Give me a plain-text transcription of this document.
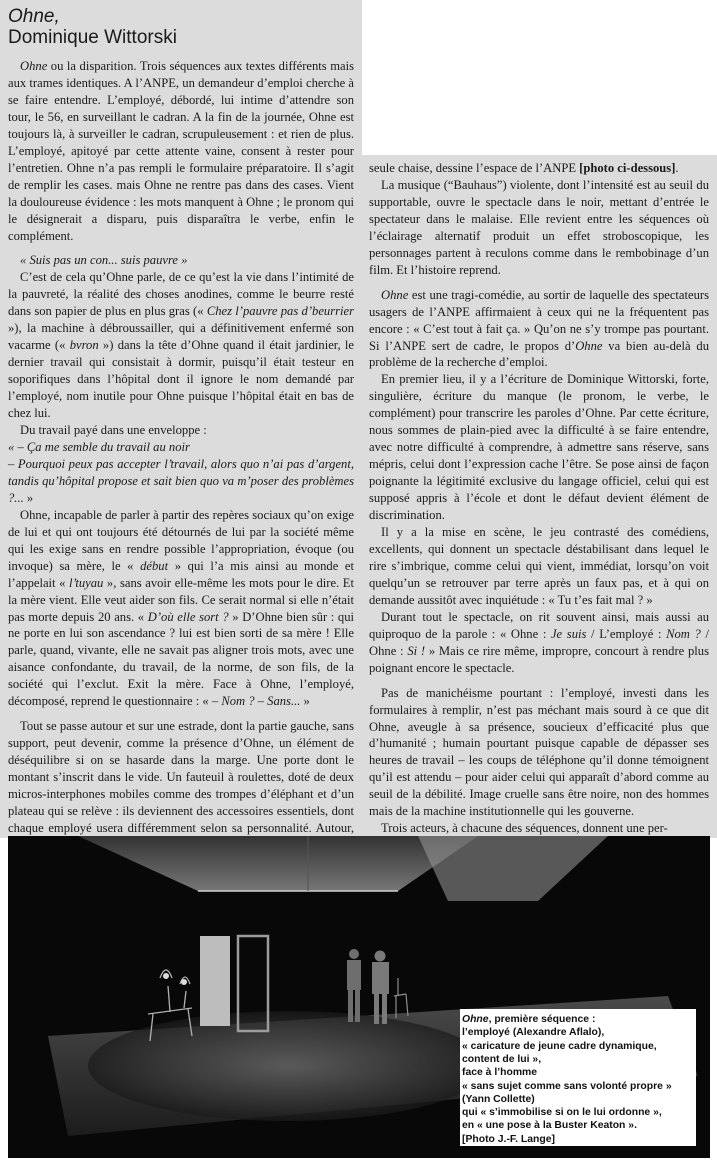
Ohne,
Dominique Wittorski

Ohne ou la disparition. Trois séquences aux textes différents mais aux trames identiques. A l’ANPE, un demandeur d’emploi cherche à se faire entendre. L’employé, débordé, lui intime d’attendre son tour, le 56, en surveillant le cadran. A la fin de la journée, Ohne est toujours là, à surveiller le cadran, scrupuleusement : et rien de plus. L’employé, apitoyé par cette attente vaine, consent à rester pour l’entretien. Ohne n’a pas rempli le formulaire préparatoire. Il s’agit de remplir les cases. mais Ohne ne rentre pas dans des cases. Vient la douloureuse évidence : les mots manquent à Ohne ; le pronom qui le désignerait a disparu, puis disparaîtra le verbe, enfin le complément.

« Suis pas un con... suis pauvre »

C’est de cela qu’Ohne parle, de ce qu’est la vie dans l’intimité de la pauvreté, la réalité des choses anodines, comme le beurre resté dans son papier de plus en plus gras (« Chez l’pauvre pas d’beurrier »), la machine à débroussailler, qui a définitivement enfermé son vacarme (« bvron ») dans la tête d’Ohne quand il était jardinier, le dernier travail qui consistait à dormir, puisqu’il était testeur en soporifiques dans l’hôpital dont il ignore le nom demandé par l’employé, nom inutile pour Ohne puisque l’hôpital était en bas de chez lui.

Du travail payé dans une enveloppe :

« – Ça me semble du travail au noir

– Pourquoi peux pas accepter l’travail, alors quo n’ai pas d’argent, tandis qu’hôpital propose et sait bien quo va m’poser des problèmes ?... »

Ohne, incapable de parler à partir des repères sociaux qu’on exige de lui et qui ont toujours été détournés de lui par la société même qui les exige sans en rendre possible l’appropriation, évoque (ou invoque) sa mère, le « début » qui l’a mis ainsi au monde et l’appelait « l’tuyau », sans avoir elle-même les mots pour le dire. Et la mère vient. Elle veut aider son fils. Ce serait normal si elle n’était pas morte depuis 20 ans. « D’où elle sort ? » D’Ohne bien sûr : qui ne porte en lui son ascendance ? lui est bien sorti de sa mère ! Elle parle, quand, vivante, elle ne savait pas aligner trois mots, avec une aisance confondante, du travail, de la norme, de son fils, de la société qui l’exclut. Exit la mère. Face à Ohne, l’employé, décomposé, reprend le questionnaire : « – Nom ? – Sans... »

Tout se passe autour et sur une estrade, dont la partie gauche, sans support, peut devenir, comme la présence d’Ohne, un élément de déséquilibre si on se hasarde dans la marge. Une porte dont le montant s’inscrit dans le vide. Un fauteuil à roulettes, doté de deux micros-interphones mobiles comme des trompes d’éléphant et d’un plateau qui se relève : ils deviennent des accessoires essentiels, dont chaque employé usera différemment selon sa personnalité. Autour,

seule chaise, dessine l’espace de l’ANPE [photo ci-dessous].

La musique (“Bauhaus”) violente, dont l’intensité est au seuil du supportable, ouvre le spectacle dans le noir, mettant d’entrée le spectateur dans le malaise. Elle revient entre les séquences où l’éclairage alternatif produit un effet stroboscopique, les personnages partent à reculons comme dans le rembobinage d’un film. Et l’histoire reprend.

Ohne est une tragi-comédie, au sortir de laquelle des spectateurs usagers de l’ANPE affirmaient à ceux qui ne la fréquentent pas encore : « C’est tout à fait ça. » Qu’on ne s’y trompe pas pourtant. Si l’ANPE sert de cadre, le propos d’Ohne va bien au-delà du problème de la recherche d’emploi.

En premier lieu, il y a l’écriture de Dominique Wittorski, forte, singulière, écriture du manque (le pronom, le verbe, le complément) pour transcrire les paroles d’Ohne. Par cette écriture, nous sommes de plain-pied avec la difficulté à se faire entendre, avec notre difficulté à comprendre, à admettre sans réserve, sans mépris, celui dont l’expression cache l’être. Se pose ainsi de façon poignante la légitimité exclusive du langage officiel, celui qui est supposé appris à l’école et dont le défaut devient élément de discrimination.

Il y a la mise en scène, le jeu contrasté des comédiens, excellents, qui donnent un spectacle déstabilisant dans lequel le rire s’imbrique, comme celui qui vient, immédiat, lorsqu’on voit quelqu’un se retrouver par terre après un faux pas, et à qui on demande aussitôt avec inquiétude : « Tu t’es fait mal ? »

Durant tout le spectacle, on rit souvent ainsi, mais aussi au quiproquo de la parole : « Ohne : Je suis / L’employé : Nom ? / Ohne : Si ! » Mais ce rire même, impropre, concourt à rendre plus poignant encore le spectacle.

Pas de manichéisme pourtant : l’employé, investi dans les formulaires à remplir, n’est pas méchant mais sourd à ce que dit Ohne, aveugle à sa présence, soucieux d’efficacité plus que d’humanité ; humain pourtant puisque capable de dépasser ses heures de travail – les coups de téléphone qu’il donne témoignent qu’il est attendu – pour aider celui qui apparaît d’abord comme au seuil de la débilité. Image cruelle sans être noire, non des hommes mais de la machine institutionnelle qui les gouverne.

Trois acteurs, à chacune des séquences, donnent une per-

Ohne, première séquence :
l’employé (Alexandre Aflalo),
« caricature de jeune cadre dynamique,
content de lui »,
face à l’homme
« sans sujet comme sans volonté propre »
(Yann Collette)
qui « s’immobilise si on le lui ordonne »,
en « une pose à la Buster Keaton ».
[Photo J.-F. Lange]
